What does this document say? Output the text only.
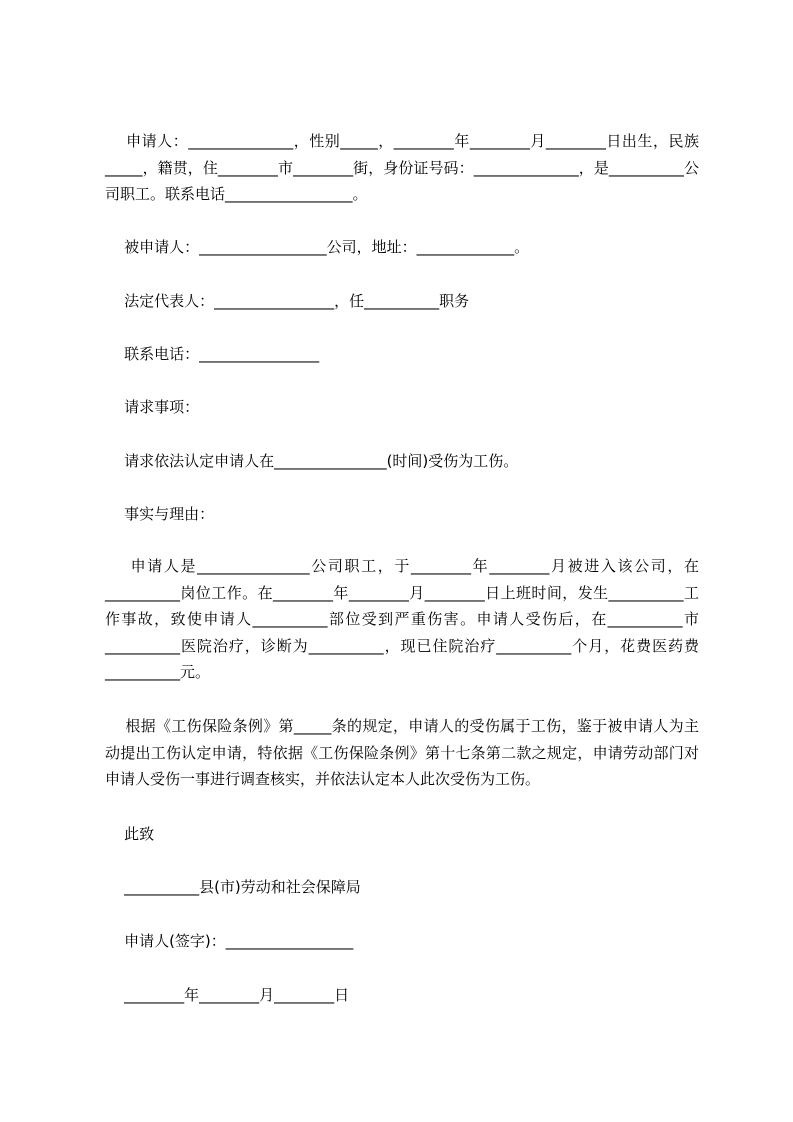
申请人：______________，性别_____，________年________月________日出生，民族_____，籍贯，住________市________街，身份证号码：______________，是__________公司职工。联系电话_________________。

被申请人：_________________公司，地址：_____________。

法定代表人：________________，任__________职务

联系电话：________________

请求事项：

请求依法认定申请人在_______________(时间)受伤为工伤。

事实与理由：

申请人是_______________公司职工，于________年________月被进入该公司，在__________岗位工作。在________年________月________日上班时间，发生__________工作事故，致使申请人__________部位受到严重伤害。申请人受伤后，在__________市__________医院治疗，诊断为__________，现已住院治疗__________个月，花费医药费__________元。

根据《工伤保险条例》第_____条的规定，申请人的受伤属于工伤，鉴于被申请人为主动提出工伤认定申请，特依据《工伤保险条例》第十七条第二款之规定，申请劳动部门对申请人受伤一事进行调查核实，并依法认定本人此次受伤为工伤。

此致

__________县(市)劳动和社会保障局

申请人(签字)：_________________

________年________月________日
